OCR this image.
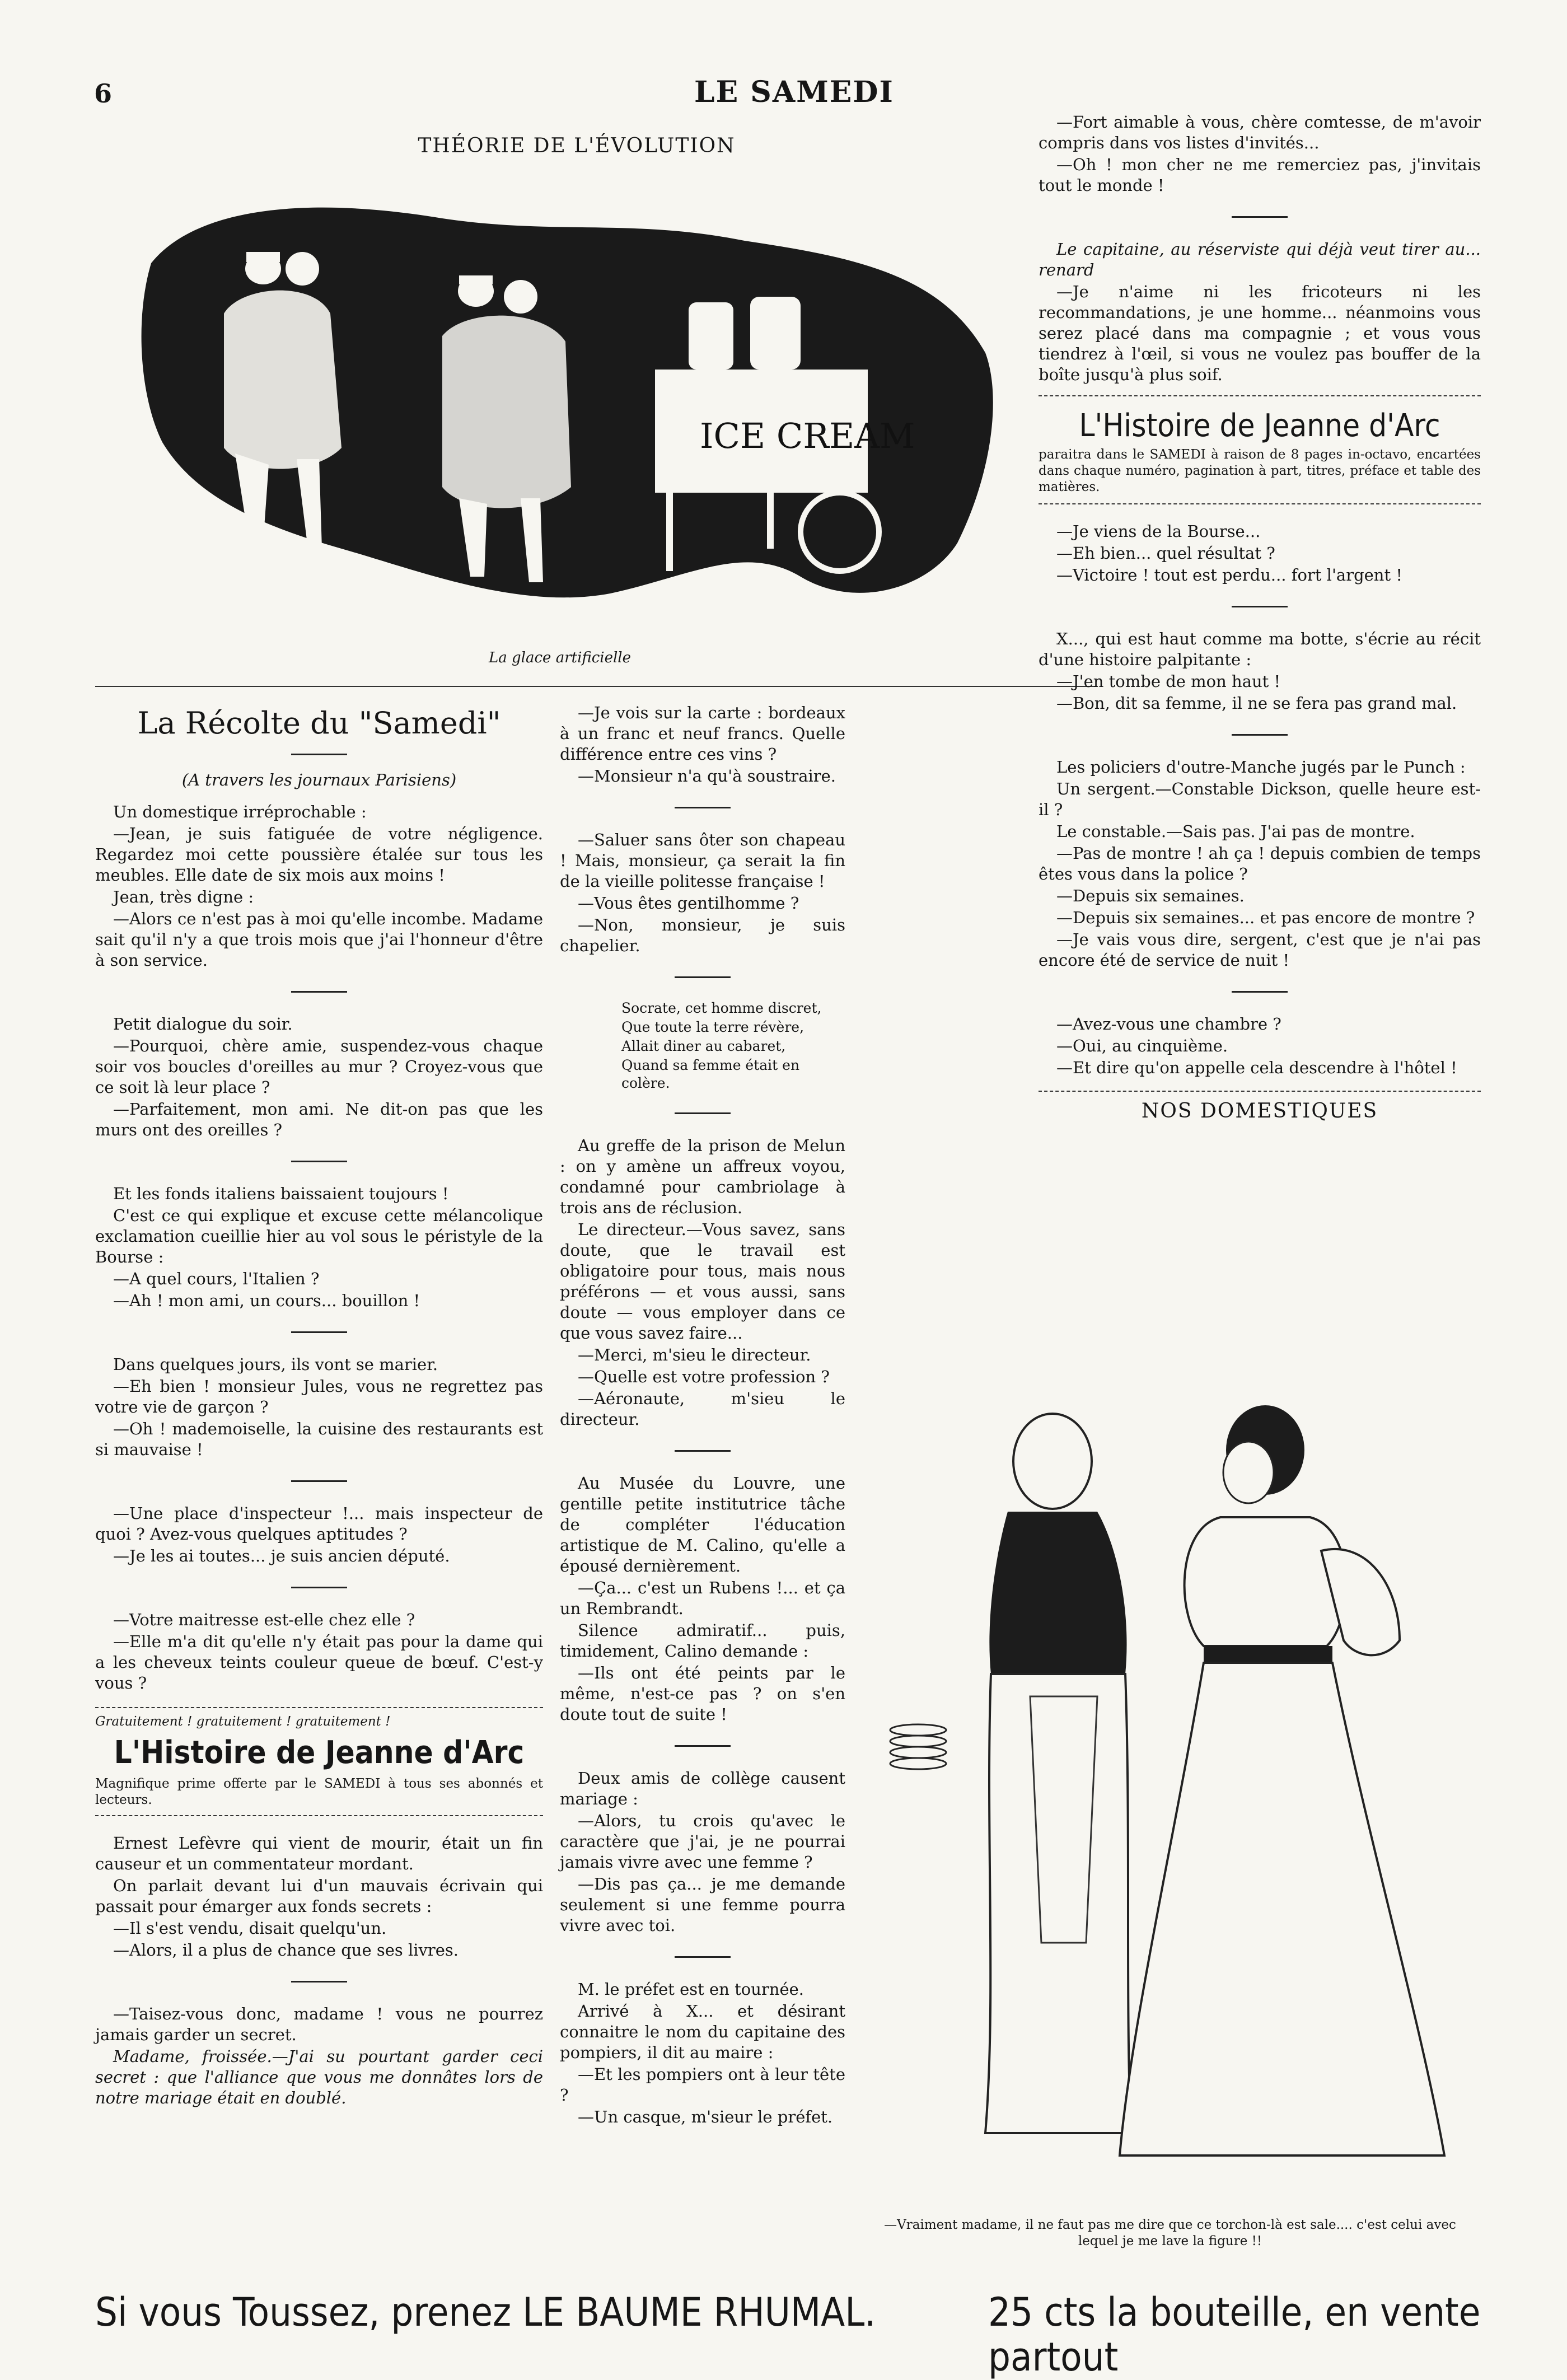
6	LE SAMEDI
THÉORIE DE L'ÉVOLUTION
ICE CREAM
La glace artificielle

La Récolte du "Samedi"

(A travers les journaux Parisiens)

Un domestique irréprochable :

—Jean, je suis fatiguée de votre négligence. Regardez moi cette poussière étalée sur tous les meubles. Elle date de six mois aux moins !

Jean, très digne :

—Alors ce n'est pas à moi qu'elle incombe. Madame sait qu'il n'y a que trois mois que j'ai l'honneur d'être à son service.

Petit dialogue du soir.

—Pourquoi, chère amie, suspendez-vous chaque soir vos boucles d'oreilles au mur ? Croyez-vous que ce soit là leur place ?

—Parfaitement, mon ami. Ne dit-on pas que les murs ont des oreilles ?

Et les fonds italiens baissaient toujours !

C'est ce qui explique et excuse cette mélancolique exclamation cueillie hier au vol sous le péristyle de la Bourse :

—A quel cours, l'Italien ?

—Ah ! mon ami, un cours... bouillon !

Dans quelques jours, ils vont se marier.

—Eh bien ! monsieur Jules, vous ne regrettez pas votre vie de garçon ?

—Oh ! mademoiselle, la cuisine des restaurants est si mauvaise !

—Une place d'inspecteur !... mais inspecteur de quoi ? Avez-vous quelques aptitudes ?

—Je les ai toutes... je suis ancien député.

—Votre maitresse est-elle chez elle ?

—Elle m'a dit qu'elle n'y était pas pour la dame qui a les cheveux teints couleur queue de bœuf. C'est-y vous ?

Gratuitement ! gratuitement ! gratuitement !

L'Histoire de Jeanne d'Arc

Magnifique prime offerte par le SAMEDI à tous ses abonnés et lecteurs.

Ernest Lefèvre qui vient de mourir, était un fin causeur et un commentateur mordant.

On parlait devant lui d'un mauvais écrivain qui passait pour émarger aux fonds secrets :

—Il s'est vendu, disait quelqu'un.

—Alors, il a plus de chance que ses livres.

—Taisez-vous donc, madame ! vous ne pourrez jamais garder un secret.

Madame, froissée.—J'ai su pourtant garder ceci secret : que l'alliance que vous me donnâtes lors de notre mariage était en doublé.

—Je vois sur la carte : bordeaux à un franc et neuf francs. Quelle différence entre ces vins ?

—Monsieur n'a qu'à soustraire.

—Saluer sans ôter son chapeau ! Mais, monsieur, ça serait la fin de la vieille politesse française !

—Vous êtes gentilhomme ?

—Non, monsieur, je suis chapelier.

Socrate, cet homme discret,

Que toute la terre révère,

Allait diner au cabaret,

Quand sa femme était en colère.

Au greffe de la prison de Melun : on y amène un affreux voyou, condamné pour cambriolage à trois ans de réclusion.

Le directeur.—Vous savez, sans doute, que le travail est obligatoire pour tous, mais nous préférons — et vous aussi, sans doute — vous employer dans ce que vous savez faire...

—Merci, m'sieu le directeur.

—Quelle est votre profession ?

—Aéronaute, m'sieu le directeur.

Au Musée du Louvre, une gentille petite institutrice tâche de compléter l'éducation artistique de M. Calino, qu'elle a épousé dernièrement.

—Ça... c'est un Rubens !... et ça un Rembrandt.

Silence admiratif... puis, timidement, Calino demande :

—Ils ont été peints par le même, n'est-ce pas ? on s'en doute tout de suite !

Deux amis de collège causent mariage :

—Alors, tu crois qu'avec le caractère que j'ai, je ne pourrai jamais vivre avec une femme ?

—Dis pas ça... je me demande seulement si une femme pourra vivre avec toi.

M. le préfet est en tournée.

Arrivé à X... et désirant connaitre le nom du capitaine des pompiers, il dit au maire :

—Et les pompiers ont à leur tête ?

—Un casque, m'sieur le préfet.

—Fort aimable à vous, chère comtesse, de m'avoir compris dans vos listes d'invités...

—Oh ! mon cher ne me remerciez pas, j'invitais tout le monde !

Le capitaine, au réserviste qui déjà veut tirer au... renard

—Je n'aime ni les fricoteurs ni les recommandations, je une homme... néanmoins vous serez placé dans ma compagnie ; et vous vous tiendrez à l'œil, si vous ne voulez pas bouffer de la boîte jusqu'à plus soif.

L'Histoire de Jeanne d'Arc

paraitra dans le SAMEDI à raison de 8 pages in-octavo, encartées dans chaque numéro, pagination à part, titres, préface et table des matières.

—Je viens de la Bourse...

—Eh bien... quel résultat ?

—Victoire ! tout est perdu... fort l'argent !

X..., qui est haut comme ma botte, s'écrie au récit d'une histoire palpitante :

—J'en tombe de mon haut !

—Bon, dit sa femme, il ne se fera pas grand mal.

Les policiers d'outre-Manche jugés par le Punch :

Un sergent.—Constable Dickson, quelle heure est-il ?

Le constable.—Sais pas. J'ai pas de montre.

—Pas de montre ! ah ça ! depuis combien de temps êtes vous dans la police ?

—Depuis six semaines.

—Depuis six semaines... et pas encore de montre ?

—Je vais vous dire, sergent, c'est que je n'ai pas encore été de service de nuit !

—Avez-vous une chambre ?

—Oui, au cinquième.

—Et dire qu'on appelle cela descendre à l'hôtel !

NOS DOMESTIQUES

—Vraiment madame, il ne faut pas me dire que ce torchon-là est sale.... c'est celui avec lequel je me lave la figure !!
Si vous Toussez, prenez LE BAUME RHUMAL.	25 cts la bouteille, en vente partout
